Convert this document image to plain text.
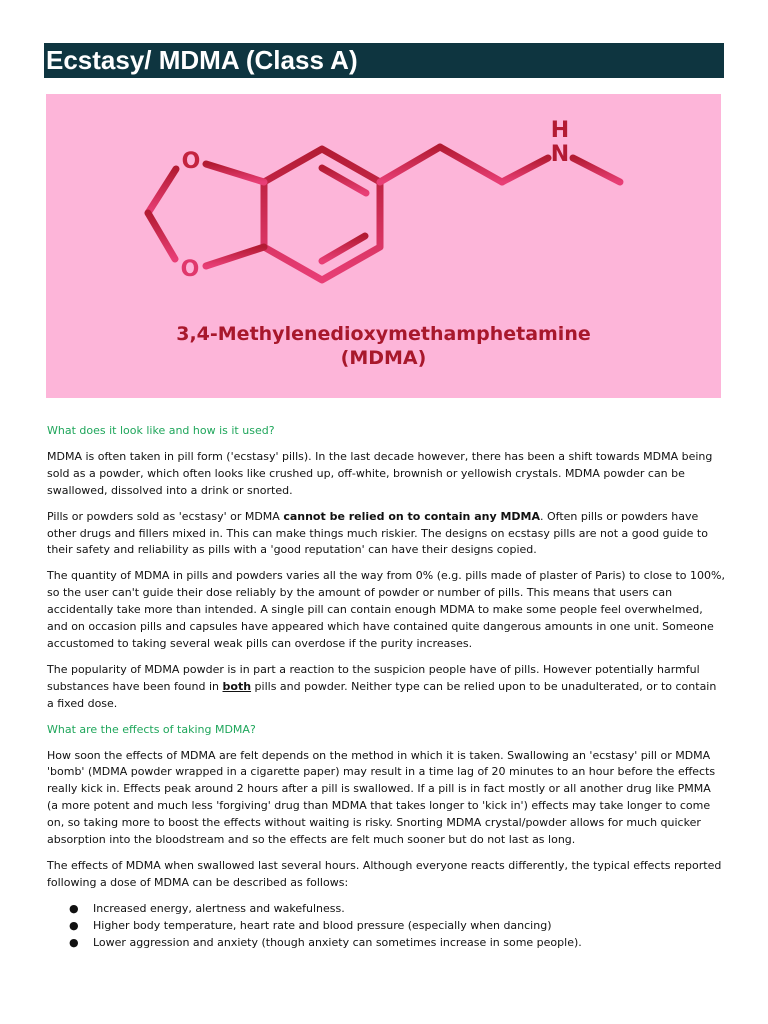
Ecstasy/ MDMA (Class A)
O
O
H
N
3,4-Methylenedioxymethamphetamine
(MDMA)

What does it look like and how is it used?

MDMA is often taken in pill form ('ecstasy' pills). In the last decade however, there has been a shift towards MDMA being sold as a powder, which often looks like crushed up, off-white, brownish or yellowish crystals. MDMA powder can be swallowed, dissolved into a drink or snorted.

Pills or powders sold as 'ecstasy' or MDMA cannot be relied on to contain any MDMA. Often pills or powders have other drugs and fillers mixed in. This can make things much riskier. The designs on ecstasy pills are not a good guide to their safety and reliability as pills with a 'good reputation' can have their designs copied.

The quantity of MDMA in pills and powders varies all the way from 0% (e.g. pills made of plaster of Paris) to close to 100%, so the user can't guide their dose reliably by the amount of powder or number of pills. This means that users can accidentally take more than intended. A single pill can contain enough MDMA to make some people feel overwhelmed, and on occasion pills and capsules have appeared which have contained quite dangerous amounts in one unit. Someone accustomed to taking several weak pills can overdose if the purity increases.

The popularity of MDMA powder is in part a reaction to the suspicion people have of pills. However potentially harmful substances have been found in both pills and powder. Neither type can be relied upon to be unadulterated, or to contain a fixed dose.

What are the effects of taking MDMA?

How soon the effects of MDMA are felt depends on the method in which it is taken. Swallowing an 'ecstasy' pill or MDMA 'bomb' (MDMA powder wrapped in a cigarette paper) may result in a time lag of 20 minutes to an hour before the effects really kick in. Effects peak around 2 hours after a pill is swallowed. If a pill is in fact mostly or all another drug like PMMA (a more potent and much less 'forgiving' drug than MDMA that takes longer to 'kick in') effects may take longer to come on, so taking more to boost the effects without waiting is risky. Snorting MDMA crystal/powder allows for much quicker absorption into the bloodstream and so the effects are felt much sooner but do not last as long.

The effects of MDMA when swallowed last several hours. Although everyone reacts differently, the typical effects reported following a dose of MDMA can be described as follows:

● Increased energy, alertness and wakefulness.
● Higher body temperature, heart rate and blood pressure (especially when dancing)
● Lower aggression and anxiety (though anxiety can sometimes increase in some people).
